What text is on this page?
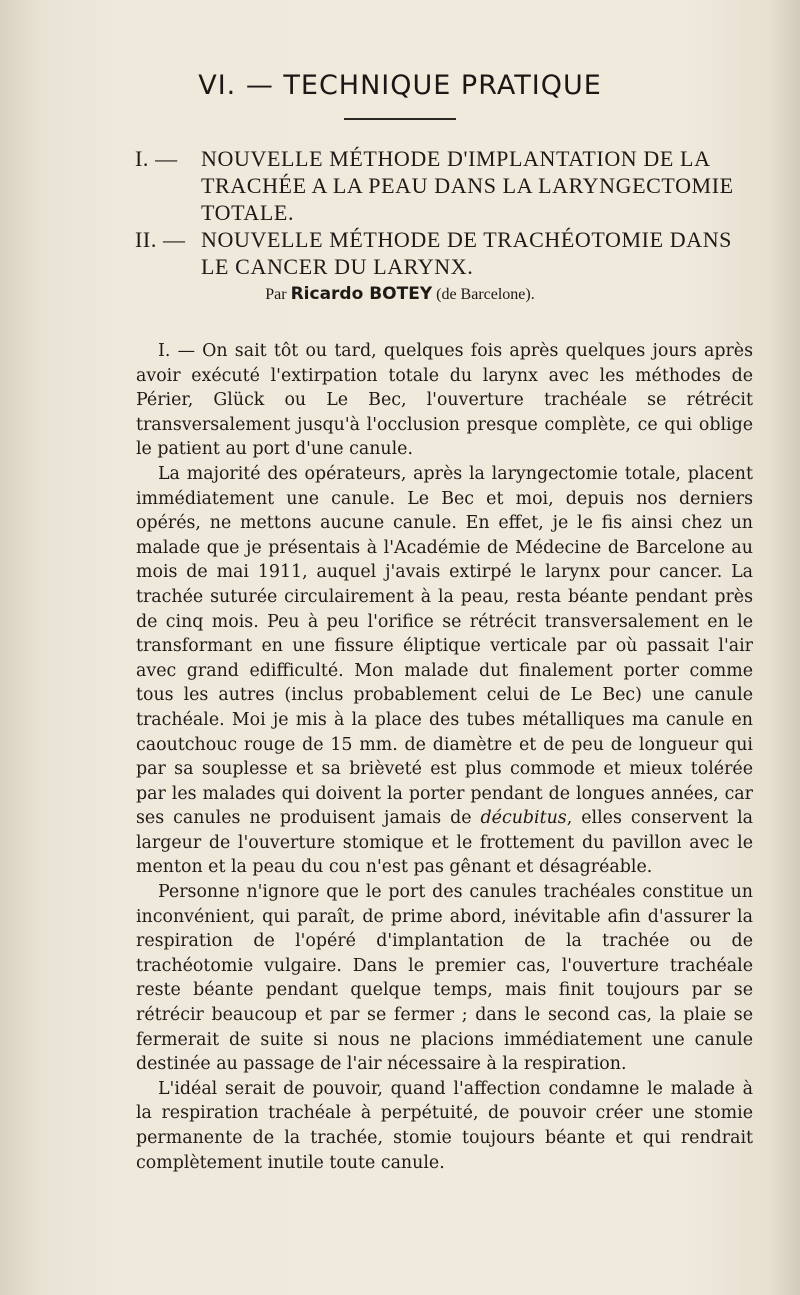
VI. — TECHNIQUE PRATIQUE
I. — NOUVELLE MÉTHODE D'IMPLANTATION DE LA TRACHÉE A LA PEAU DANS LA LARYNGECTOMIE TOTALE.
II. — NOUVELLE MÉTHODE DE TRACHÉOTOMIE DANS LE CANCER DU LARYNX.
Par Ricardo BOTEY (de Barcelone).

I. — On sait tôt ou tard, quelques fois après quelques jours après avoir exécuté l'extirpation totale du larynx avec les méthodes de Périer, Glück ou Le Bec, l'ouverture trachéale se rétrécit transversalement jusqu'à l'occlusion presque complète, ce qui oblige le patient au port d'une canule.

La majorité des opérateurs, après la laryngectomie totale, placent immédiatement une canule. Le Bec et moi, depuis nos derniers opérés, ne mettons aucune canule. En effet, je le fis ainsi chez un malade que je présentais à l'Académie de Médecine de Barcelone au mois de mai 1911, auquel j'avais extirpé le larynx pour cancer. La trachée suturée circulairement à la peau, resta béante pendant près de cinq mois. Peu à peu l'orifice se rétrécit transversalement en le transformant en une fissure éliptique verticale par où passait l'air avec grand edifficulté. Mon malade dut finalement porter comme tous les autres (inclus probablement celui de Le Bec) une canule trachéale. Moi je mis à la place des tubes métalliques ma canule en caoutchouc rouge de 15 mm. de diamètre et de peu de longueur qui par sa souplesse et sa brièveté est plus commode et mieux tolérée par les malades qui doivent la porter pendant de longues années, car ses canules ne produisent jamais de décubitus, elles conservent la largeur de l'ouverture stomique et le frottement du pavillon avec le menton et la peau du cou n'est pas gênant et désagréable.

Personne n'ignore que le port des canules trachéales constitue un inconvénient, qui paraît, de prime abord, inévitable afin d'assurer la respiration de l'opéré d'implantation de la trachée ou de trachéotomie vulgaire. Dans le premier cas, l'ouverture trachéale reste béante pendant quelque temps, mais finit toujours par se rétrécir beaucoup et par se fermer ; dans le second cas, la plaie se fermerait de suite si nous ne placions immédiatement une canule destinée au passage de l'air nécessaire à la respiration.

L'idéal serait de pouvoir, quand l'affection condamne le malade à la respiration trachéale à perpétuité, de pouvoir créer une stomie permanente de la trachée, stomie toujours béante et qui rendrait complètement inutile toute canule.
